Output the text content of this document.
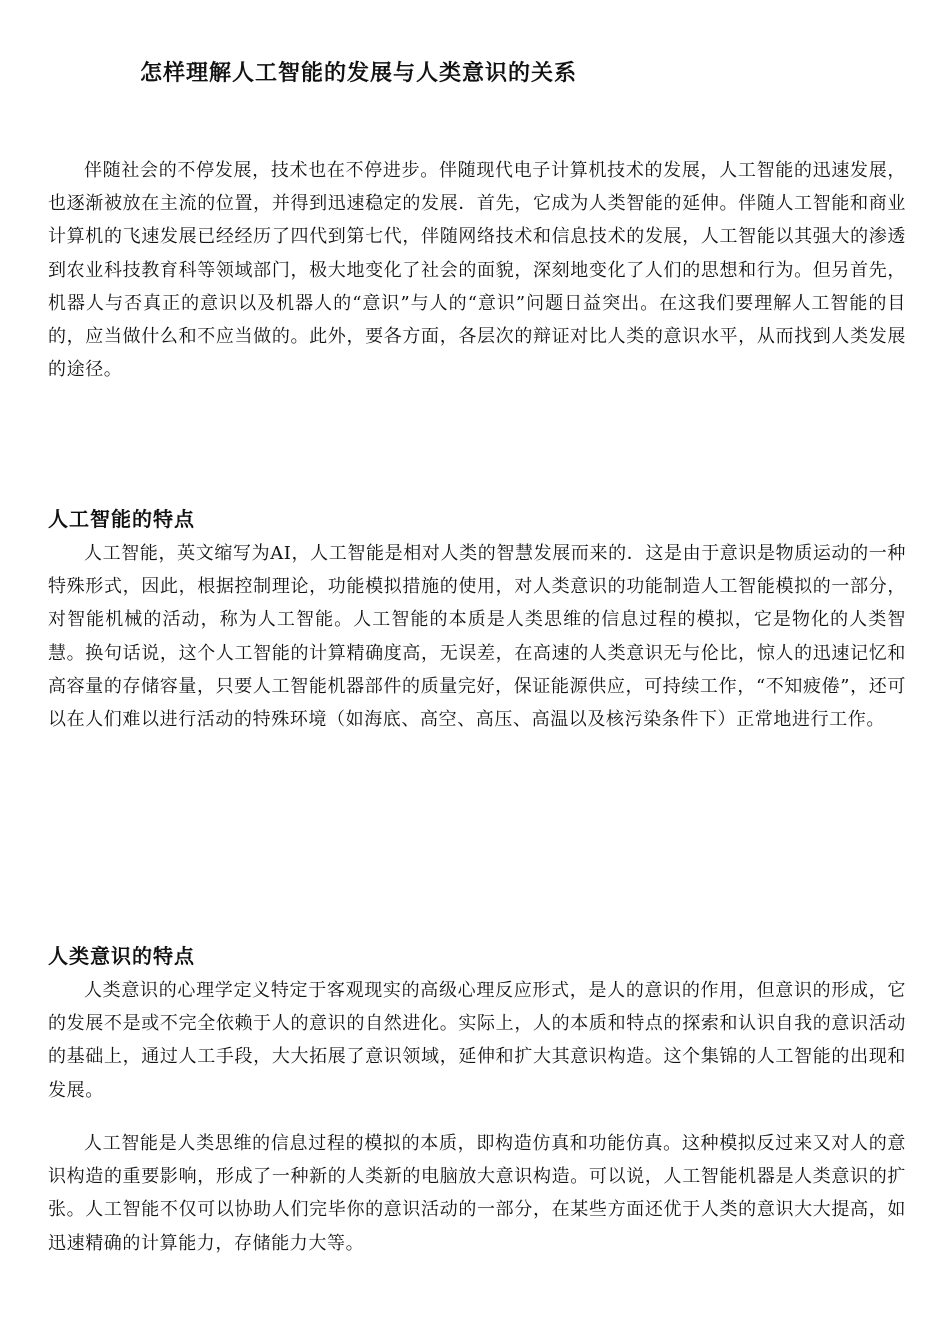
怎样理解人工智能的发展与人类意识的关系

伴随社会的不停发展，技术也在不停进步。伴随现代电子计算机技术的发展，人工智能的迅速发展，也逐渐被放在主流的位置，并得到迅速稳定的发展．首先，它成为人类智能的延伸。伴随人工智能和商业计算机的飞速发展已经经历了四代到第七代，伴随网络技术和信息技术的发展，人工智能以其强大的渗透到农业科技教育科等领域部门，极大地变化了社会的面貌，深刻地变化了人们的思想和行为。但另首先，机器人与否真正的意识以及机器人的“意识”与人的“意识”问题日益突出。在这我们要理解人工智能的目的，应当做什么和不应当做的。此外，要各方面，各层次的辩证对比人类的意识水平，从而找到人类发展的途径。

人工智能的特点

人工智能，英文缩写为AI，人工智能是相对人类的智慧发展而来的．这是由于意识是物质运动的一种特殊形式，因此，根据控制理论，功能模拟措施的使用，对人类意识的功能制造人工智能模拟的一部分，对智能机械的活动，称为人工智能。人工智能的本质是人类思维的信息过程的模拟，它是物化的人类智慧。换句话说，这个人工智能的计算精确度高，无误差，在高速的人类意识无与伦比，惊人的迅速记忆和高容量的存储容量，只要人工智能机器部件的质量完好，保证能源供应，可持续工作，“不知疲倦”，还可以在人们难以进行活动的特殊环境（如海底、高空、高压、高温以及核污染条件下）正常地进行工作。

人类意识的特点

人类意识的心理学定义特定于客观现实的高级心理反应形式，是人的意识的作用，但意识的形成，它的发展不是或不完全依赖于人的意识的自然进化。实际上，人的本质和特点的探索和认识自我的意识活动的基础上，通过人工手段，大大拓展了意识领域，延伸和扩大其意识构造。这个集锦的人工智能的出现和发展。

人工智能是人类思维的信息过程的模拟的本质，即构造仿真和功能仿真。这种模拟反过来又对人的意识构造的重要影响，形成了一种新的人类新的电脑放大意识构造。可以说，人工智能机器是人类意识的扩张。人工智能不仅可以协助人们完毕你的意识活动的一部分，在某些方面还优于人类的意识大大提高，如迅速精确的计算能力，存储能力大等。
